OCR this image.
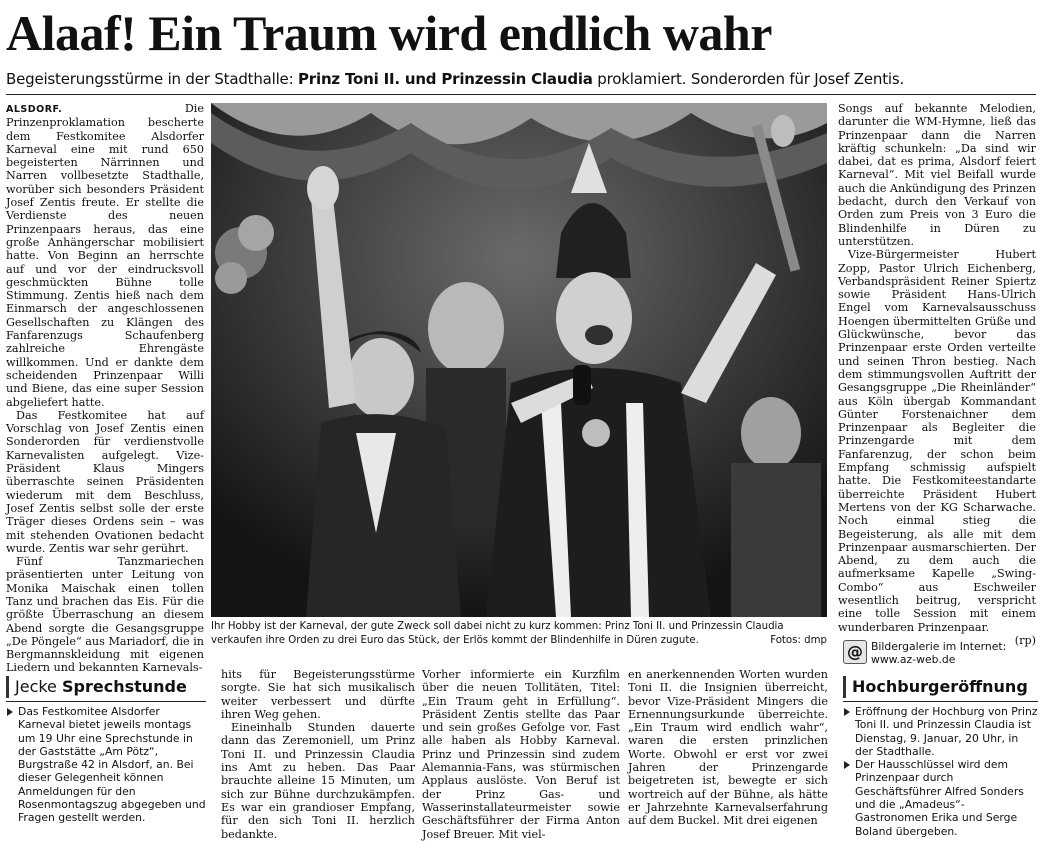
Alaaf! Ein Traum wird endlich wahr
Begeisterungsstürme in der Stadthalle: Prinz Toni II. und Prinzessin Claudia proklamiert. Sonderorden für Josef Zentis.

ALSDORF. Die Prinzenproklamation bescherte dem Festkomitee Alsdorfer Karneval eine mit rund 650 begeisterten Närrinnen und Narren vollbesetzte Stadthalle, worüber sich besonders Präsident Josef Zentis freute. Er stellte die Verdienste des neuen Prinzenpaars heraus, das eine große Anhängerschar mobilisiert hatte. Von Beginn an herrschte auf und vor der eindrucksvoll geschmückten Bühne tolle Stimmung. Zentis hieß nach dem Einmarsch der angeschlossenen Gesellschaften zu Klängen des Fanfarenzugs Schaufenberg zahlreiche Ehrengäste willkommen. Und er dankte dem scheidenden Prinzenpaar Willi und Biene, das eine super Session abgeliefert hatte.

Das Festkomitee hat auf Vorschlag von Josef Zentis einen Sonderorden für verdienstvolle Karnevalisten aufgelegt. Vize-Präsident Klaus Mingers überraschte seinen Präsidenten wiederum mit dem Beschluss, Josef Zentis selbst solle der erste Träger dieses Ordens sein – was mit stehenden Ovationen bedacht wurde. Zentis war sehr gerührt.

Fünf Tanzmariechen präsentierten unter Leitung von Monika Maischak einen tollen Tanz und brachen das Eis. Für die größte Überraschung an diesem Abend sorgte die Gesangsgruppe „De Pöngele“ aus Mariadorf, die in Bergmannskleidung mit eigenen Liedern und bekannten Karnevals-

Ihr Hobby ist der Karneval, der gute Zweck soll dabei nicht zu kurz kommen: Prinz Toni II. und Prinzessin Claudia verkaufen ihre Orden zu drei Euro das Stück, der Erlös kommt der Blindenhilfe in Düren zugute.	Fotos: dmp

Songs auf bekannte Melodien, darunter die WM-Hymne, ließ das Prinzenpaar dann die Narren kräftig schunkeln: „Da sind wir dabei, dat es prima, Alsdorf feiert Karneval“. Mit viel Beifall wurde auch die Ankündigung des Prinzen bedacht, durch den Verkauf von Orden zum Preis von 3 Euro die Blindenhilfe in Düren zu unterstützen.

Vize-Bürgermeister Hubert Zopp, Pastor Ulrich Eichenberg, Verbandspräsident Reiner Spiertz sowie Präsident Hans-Ulrich Engel vom Karnevalsausschuss Hoengen übermittelten Grüße und Glückwünsche, bevor das Prinzenpaar erste Orden verteilte und seinen Thron bestieg. Nach dem stimmungsvollen Auftritt der Gesangsgruppe „Die Rheinländer“ aus Köln übergab Kommandant Günter Forstenaichner dem Prinzenpaar als Begleiter die Prinzengarde mit dem Fanfarenzug, der schon beim Empfang schmissig aufspielt hatte. Die Festkomiteestandarte überreichte Präsident Hubert Mertens von der KG Scharwache. Noch einmal stieg die Begeisterung, als alle mit dem Prinzenpaar ausmarschierten. Der Abend, zu dem auch die aufmerksame Kapelle „Swing-Combo“ aus Eschweiler wesentlich beitrug, verspricht eine tolle Session mit einem wunderbaren Prinzenpaar.

(rp)
@ Bildergalerie im Internet:
www.az-web.de

hits für Begeisterungsstürme sorgte. Sie hat sich musikalisch weiter verbessert und dürfte ihren Weg gehen.

Eineinhalb Stunden dauerte dann das Zeremoniell, um Prinz Toni II. und Prinzessin Claudia ins Amt zu heben. Das Paar brauchte alleine 15 Minuten, um sich zur Bühne durchzukämpfen. Es war ein grandioser Empfang, für den sich Toni II. herzlich bedankte.

Vorher informierte ein Kurzfilm über die neuen Tollitäten, Titel: „Ein Traum geht in Erfüllung“. Präsident Zentis stellte das Paar und sein großes Gefolge vor. Fast alle haben als Hobby Karneval. Prinz und Prinzessin sind zudem Alemannia-Fans, was stürmischen Applaus auslöste. Von Beruf ist der Prinz Gas- und Wasserinstallateurmeister sowie Geschäftsführer der Firma Anton Josef Breuer. Mit viel-

en anerkennenden Worten wurden Toni II. die Insignien überreicht, bevor Vize-Präsident Mingers die Ernennungsurkunde überreichte. „Ein Traum wird endlich wahr“, waren die ersten prinzlichen Worte. Obwohl er erst vor zwei Jahren der Prinzengarde beigetreten ist, bewegte er sich wortreich auf der Bühne, als hätte er Jahrzehnte Karnevalserfahrung auf dem Buckel. Mit drei eigenen

Jecke Sprechstunde
Das Festkomitee Alsdorfer Karneval bietet jeweils montags um 19 Uhr eine Sprechstunde in der Gaststätte „Am Pötz“, Burgstraße 42 in Alsdorf, an. Bei dieser Gelegenheit können Anmeldungen für den Rosenmontagszug abgegeben und Fragen gestellt werden.
Hochburgeröffnung
Eröffnung der Hochburg von Prinz Toni II. und Prinzessin Claudia ist Dienstag, 9. Januar, 20 Uhr, in der Stadthalle.
Der Hausschlüssel wird dem Prinzenpaar durch Geschäftsführer Alfred Sonders und die „Amadeus“-Gastronomen Erika und Serge Boland übergeben.
